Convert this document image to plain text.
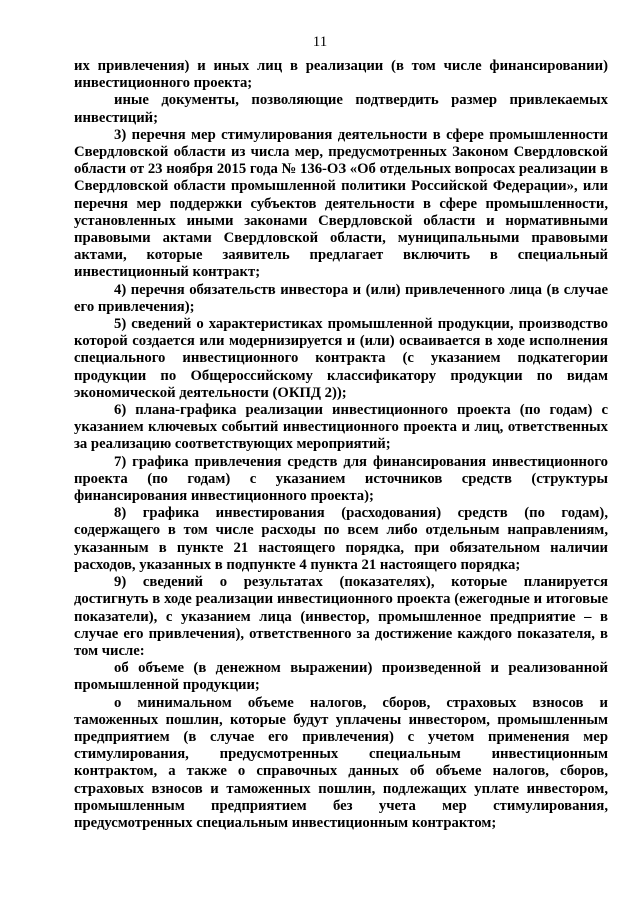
11

их привлечения) и иных лиц в реализации (в том числе финансировании) инвестиционного проекта;

иные документы, позволяющие подтвердить размер привлекаемых инвестиций;

3) перечня мер стимулирования деятельности в сфере промышленности Свердловской области из числа мер, предусмотренных Законом Свердловской области от 23 ноября 2015 года № 136-ОЗ «Об отдельных вопросах реализации в Свердловской области промышленной политики Российской Федерации», или перечня мер поддержки субъектов деятельности в сфере промышленности, установленных иными законами Свердловской области и нормативными правовыми актами Свердловской области, муниципальными правовыми актами, которые заявитель предлагает включить в специальный инвестиционный контракт;

4) перечня обязательств инвестора и (или) привлеченного лица (в случае его привлечения);

5) сведений о характеристиках промышленной продукции, производство которой создается или модернизируется и (или) осваивается в ходе исполнения специального инвестиционного контракта (с указанием подкатегории продукции по Общероссийскому классификатору продукции по видам экономической деятельности (ОКПД 2));

6) плана-графика реализации инвестиционного проекта (по годам) с указанием ключевых событий инвестиционного проекта и лиц, ответственных за реализацию соответствующих мероприятий;

7) графика привлечения средств для финансирования инвестиционного проекта (по годам) с указанием источников средств (структуры финансирования инвестиционного проекта);

8) графика инвестирования (расходования) средств (по годам), содержащего в том числе расходы по всем либо отдельным направлениям, указанным в пункте 21 настоящего порядка, при обязательном наличии расходов, указанных в подпункте 4 пункта 21 настоящего порядка;

9) сведений о результатах (показателях), которые планируется достигнуть в ходе реализации инвестиционного проекта (ежегодные и итоговые показатели), с указанием лица (инвестор, промышленное предприятие – в случае его привлечения), ответственного за достижение каждого показателя, в том числе:

об объеме (в денежном выражении) произведенной и реализованной промышленной продукции;

о минимальном объеме налогов, сборов, страховых взносов и таможенных пошлин, которые будут уплачены инвестором, промышленным предприятием (в случае его привлечения) с учетом применения мер стимулирования, предусмотренных специальным инвестиционным контрактом, а также о справочных данных об объеме налогов, сборов, страховых взносов и таможенных пошлин, подлежащих уплате инвестором, промышленным предприятием без учета мер стимулирования, предусмотренных специальным инвестиционным контрактом;
